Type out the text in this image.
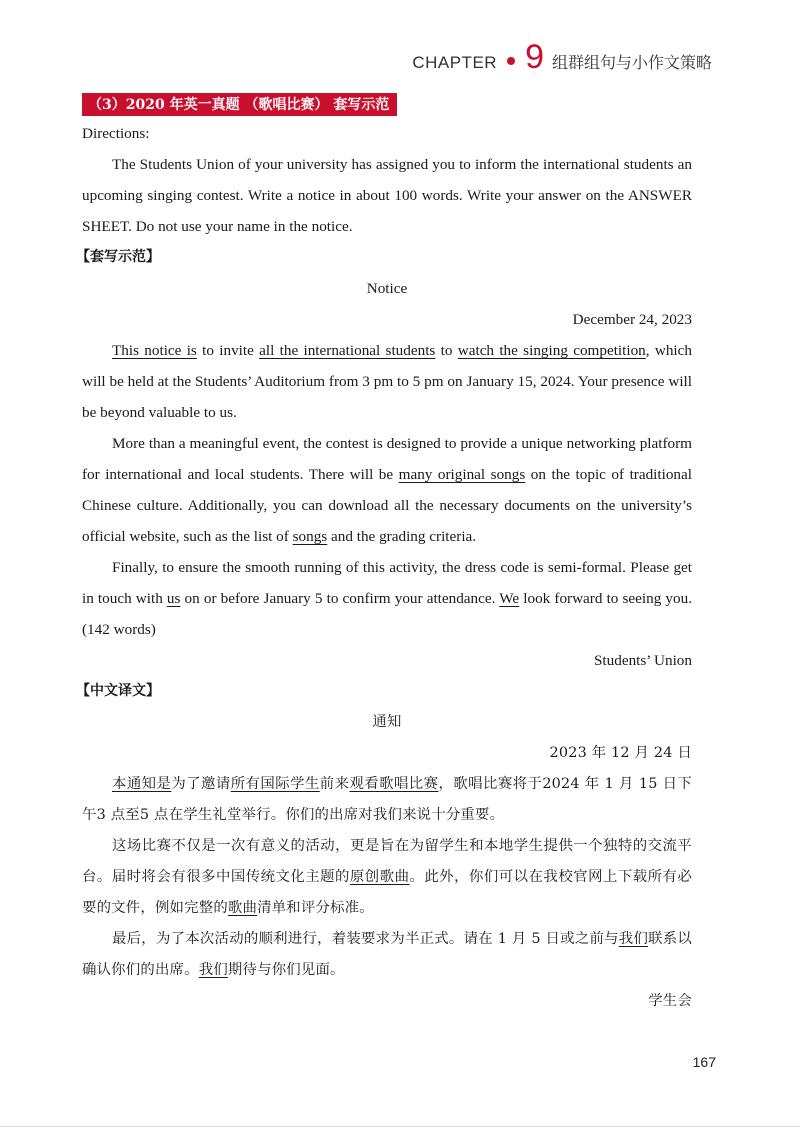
CHAPTER 9 组群组句与小作文策略
（3）2020 年英一真题 （歌唱比赛） 套写示范

Directions:

The Students Union of your university has assigned you to inform the international students an upcoming singing contest. Write a notice in about 100 words. Write your answer on the ANSWER SHEET. Do not use your name in the notice.

【套写示范】

Notice

December 24, 2023

This notice is to invite all the international students to watch the singing competition, which will be held at the Students’ Auditorium from 3 pm to 5 pm on January 15, 2024. Your presence will be beyond valuable to us.

More than a meaningful event, the contest is designed to provide a unique networking platform for international and local students. There will be many original songs on the topic of traditional Chinese culture. Additionally, you can download all the necessary documents on the university’s official website, such as the list of songs and the grading criteria.

Finally, to ensure the smooth running of this activity, the dress code is semi-formal. Please get in touch with us on or before January 5 to confirm your attendance. We look forward to seeing you. (142 words)

Students’ Union

【中文译文】

通知

2023 年 12 月 24 日

本通知是为了邀请所有国际学生前来观看歌唱比赛，歌唱比赛将于2024 年 1 月 15 日下午3 点至5 点在学生礼堂举行。你们的出席对我们来说十分重要。

这场比赛不仅是一次有意义的活动，更是旨在为留学生和本地学生提供一个独特的交流平台。届时将会有很多中国传统文化主题的原创歌曲。此外，你们可以在我校官网上下载所有必要的文件，例如完整的歌曲清单和评分标准。

最后，为了本次活动的顺利进行，着装要求为半正式。请在 1 月 5 日或之前与我们联系以确认你们的出席。我们期待与你们见面。

学生会

167
